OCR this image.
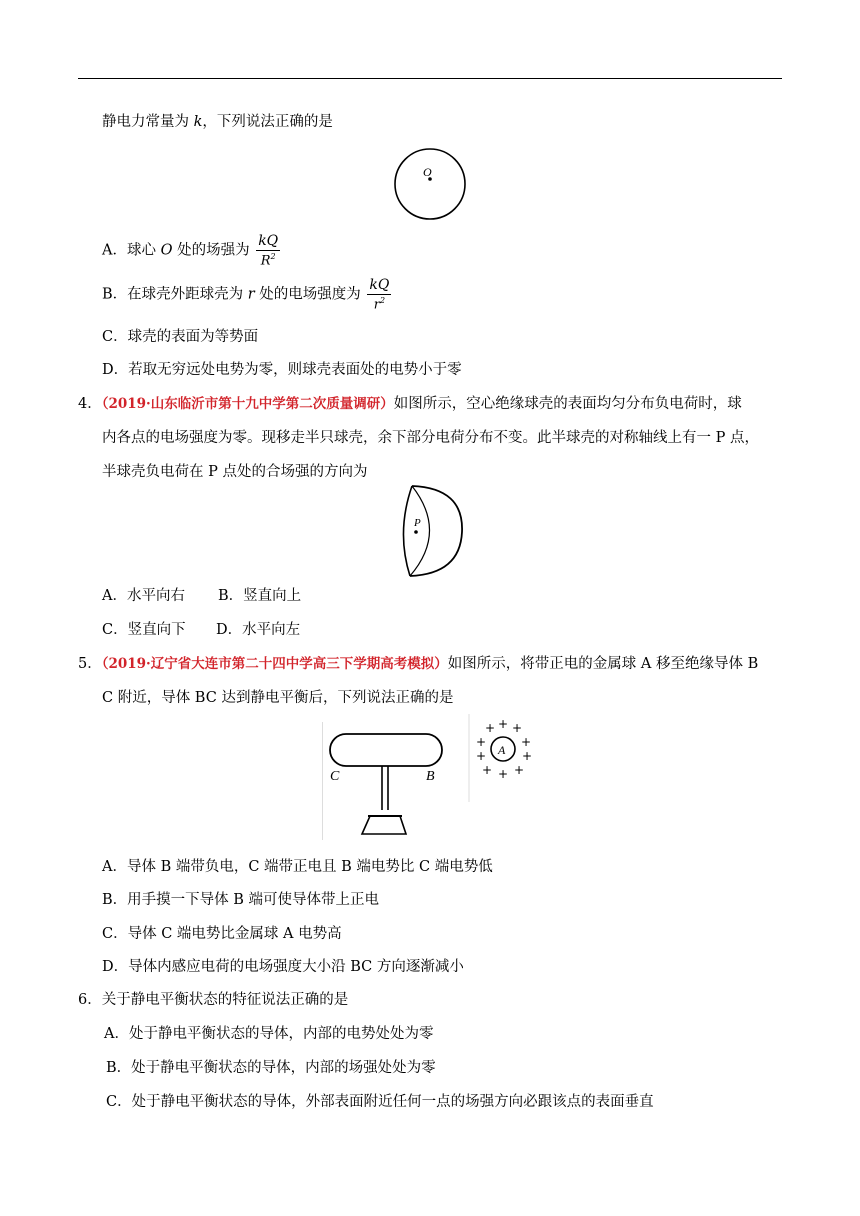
静电力常量为 k，下列说法正确的是
O
A．球心 O 处的场强为 $\frac{kQ}{R^2}$
B．在球壳外距球壳为 r 处的电场强度为 $\frac{kQ}{r^2}$
C．球壳的表面为等势面
D．若取无穷远处电势为零，则球壳表面处的电势小于零
4．（2019·山东临沂市第十九中学第二次质量调研）如图所示，空心绝缘球壳的表面均匀分布负电荷时，球
内各点的电场强度为零。现移走半只球壳，余下部分电荷分布不变。此半球壳的对称轴线上有一 P 点，
半球壳负电荷在 P 点处的合场强的方向为
P
A．水平向右 B．竖直向上
C．竖直向下 D．水平向左
5．（2019·辽宁省大连市第二十四中学高三下学期高考模拟）如图所示，将带正电的金属球 A 移至绝缘导体 B
C 附近，导体 BC 达到静电平衡后，下列说法正确的是
C	B
A
+ + +
+	+
+	+
+ + +
A．导体 B 端带负电，C 端带正电且 B 端电势比 C 端电势低
B．用手摸一下导体 B 端可使导体带上正电
C．导体 C 端电势比金属球 A 电势高
D．导体内感应电荷的电场强度大小沿 BC 方向逐渐减小
6．关于静电平衡状态的特征说法正确的是
A．处于静电平衡状态的导体，内部的电势处处为零
B．处于静电平衡状态的导体，内部的场强处处为零
C．处于静电平衡状态的导体，外部表面附近任何一点的场强方向必跟该点的表面垂直
